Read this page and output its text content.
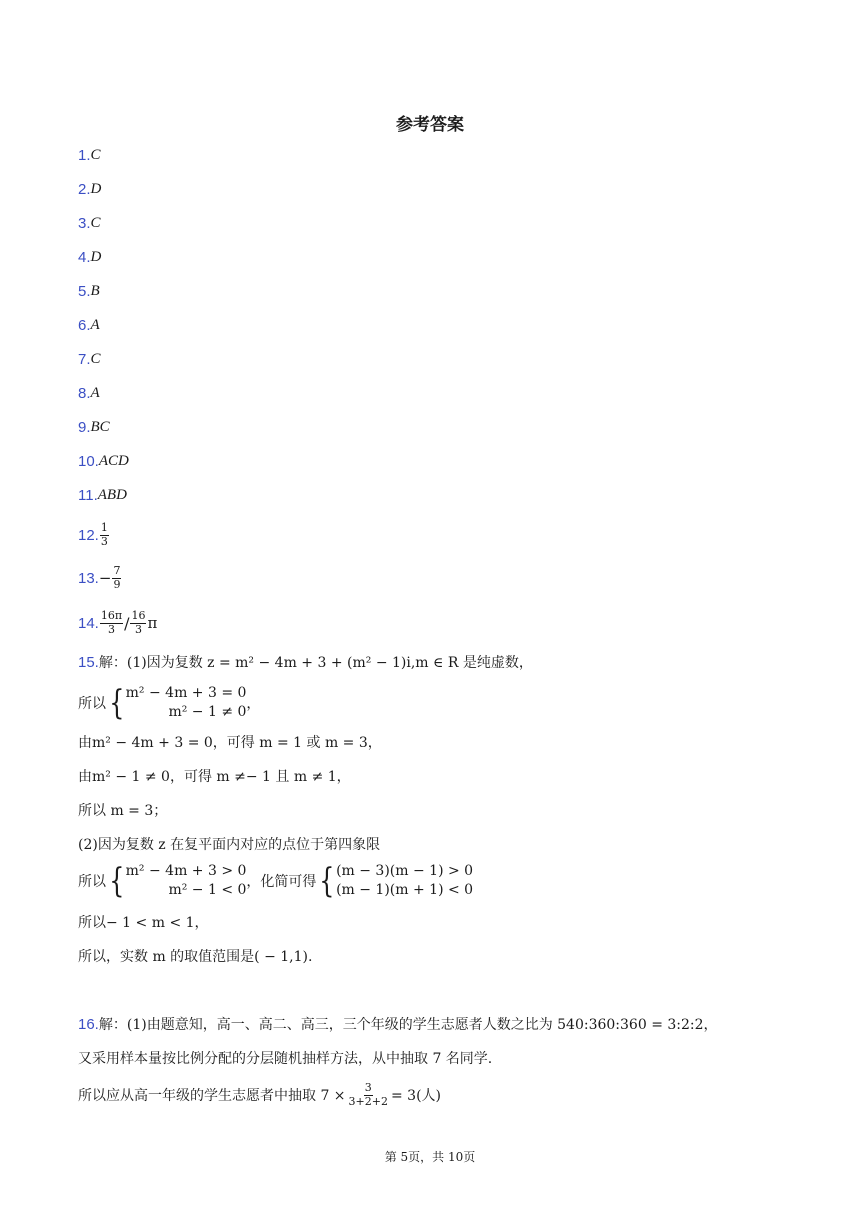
参考答案
1. C
2. D
3. C
4. D
5. B
6. A
7. C
8. A
9. BC
10. ACD
11. ABD
12. $\frac{1}{3}$
13. − $\frac{7}{9}$
14. $\frac{16\pi}{3} / \frac{16}{3}$ π
15.解：(1)因为复数 z = m² − 4m + 3 + (m² − 1)i,m ∈ R 是纯虚数，
所以 { m² − 4m + 3 = 0
m² − 1 ≠ 0 ，
由m² − 4m + 3 = 0，可得 m = 1 或 m = 3，
由m² − 1 ≠ 0，可得 m ≠− 1 且 m ≠ 1，
所以 m = 3；
(2)因为复数 z 在复平面内对应的点位于第四象限
所以 { m² − 4m + 3 > 0
m² − 1 < 0 ，化简可得 { (m − 3)(m − 1) > 0
(m − 1)(m + 1) < 0
所以− 1 < m < 1，
所以，实数 m 的取值范围是( − 1,1).
16.解：(1)由题意知，高一、高二、高三，三个年级的学生志愿者人数之比为 540:360:360 = 3:2:2，
又采用样本量按比例分配的分层随机抽样方法，从中抽取 7 名同学.
所以应从高一年级的学生志愿者中抽取 $7 \times \frac{3}{3+2+2} = 3$(人)
第 5页，共 10页
